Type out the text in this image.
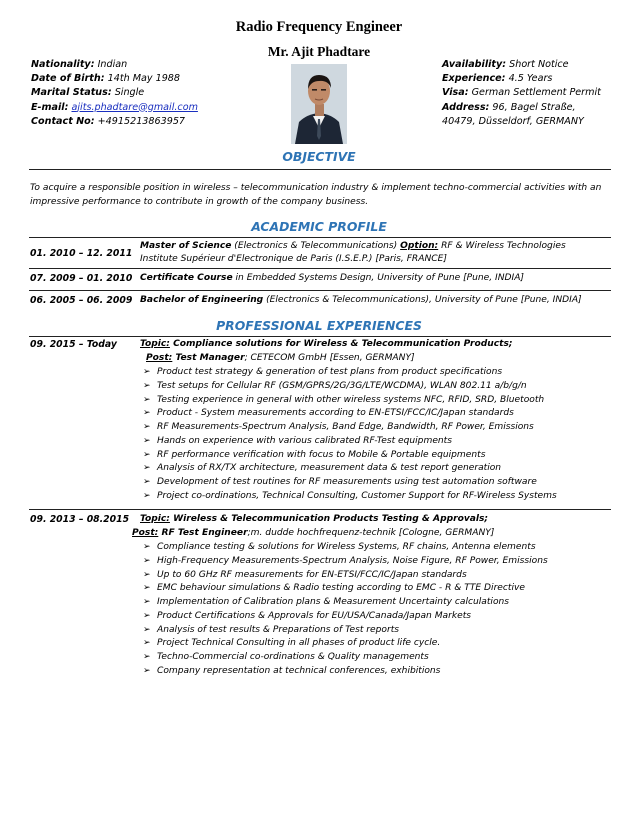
Radio Frequency Engineer
Mr. Ajit Phadtare
Nationality: Indian
Date of Birth: 14th May 1988
Marital Status: Single
E-mail: ajits.phadtare@gmail.com
Contact No: +4915213863957
Availability: Short Notice
Experience: 4.5 Years
Visa: German Settlement Permit
Address: 96, Bagel Straße,
40479, Düsseldorf, GERMANY
OBJECTIVE
To acquire a responsible position in wireless – telecommunication industry & implement techno-commercial activities with an impressive performance to contribute in growth of the company business.
ACADEMIC PROFILE
01. 2010 – 12. 2011
Master of Science (Electronics & Telecommunications) Option: RF & Wireless Technologies
Institute Supérieur d'Electronique de Paris (I.S.E.P.) [Paris, FRANCE]
07. 2009 – 01. 2010 Certificate Course in Embedded Systems Design, University of Pune [Pune, INDIA]
06. 2005 – 06. 2009 Bachelor of Engineering (Electronics & Telecommunications), University of Pune [Pune, INDIA]
PROFESSIONAL EXPERIENCES
09. 2015 – Today	Topic: Compliance solutions for Wireless & Telecommunication Products;
Post: Test Manager; CETECOM GmbH [Essen, GERMANY]
➢ Product test strategy & generation of test plans from product specifications
➢ Test setups for Cellular RF (GSM/GPRS/2G/3G/LTE/WCDMA), WLAN 802.11 a/b/g/n
➢ Testing experience in general with other wireless systems NFC, RFID, SRD, Bluetooth
➢ Product - System measurements according to EN-ETSI/FCC/IC/Japan standards
➢ RF Measurements-Spectrum Analysis, Band Edge, Bandwidth, RF Power, Emissions
➢ Hands on experience with various calibrated RF-Test equipments
➢ RF performance verification with focus to Mobile & Portable equipments
➢ Analysis of RX/TX architecture, measurement data & test report generation
➢ Development of test routines for RF measurements using test automation software
➢ Project co-ordinations, Technical Consulting, Customer Support for RF-Wireless Systems
09. 2013 – 08.2015 Topic: Wireless & Telecommunication Products Testing & Approvals;
Post: RF Test Engineer;m. dudde hochfrequenz-technik [Cologne, GERMANY]
➢ Compliance testing & solutions for Wireless Systems, RF chains, Antenna elements
➢ High-Frequency Measurements-Spectrum Analysis, Noise Figure, RF Power, Emissions
➢ Up to 60 GHz RF measurements for EN-ETSI/FCC/IC/Japan standards
➢ EMC behaviour simulations & Radio testing according to EMC - R & TTE Directive
➢ Implementation of Calibration plans & Measurement Uncertainty calculations
➢ Product Certifications & Approvals for EU/USA/Canada/Japan Markets
➢ Analysis of test results & Preparations of Test reports
➢ Project Technical Consulting in all phases of product life cycle.
➢ Techno-Commercial co-ordinations & Quality managements
➢ Company representation at technical conferences, exhibitions
